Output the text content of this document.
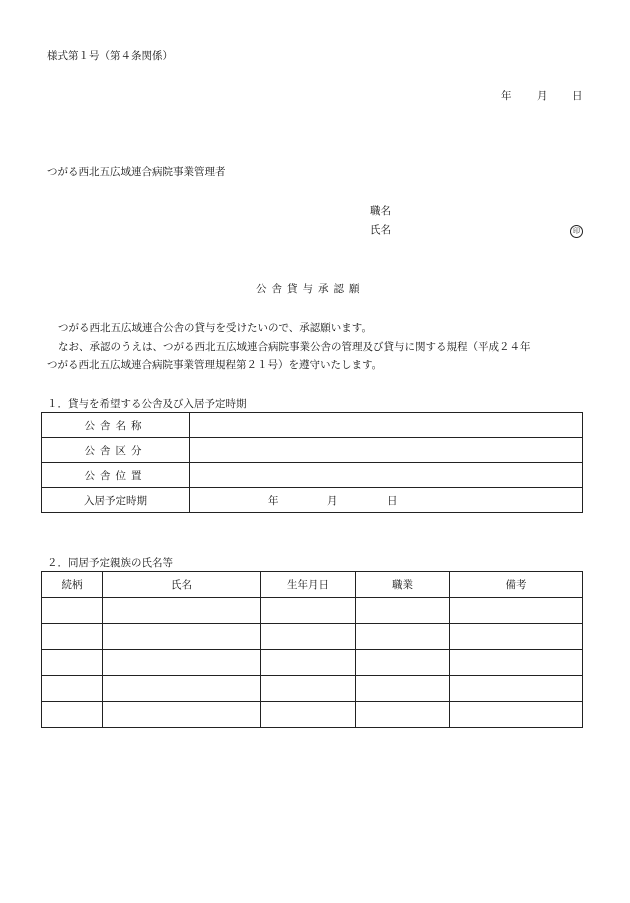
様式第１号（第４条関係）
年 月 日
つがる西北五広域連合病院事業管理者
職名
氏名	印
公舎貸与承認願
つがる西北五広域連合公舎の貸与を受けたいので、承認願います。
なお、承認のうえは、つがる西北五広域連合病院事業公舎の管理及び貸与に関する規程（平成２４年
つがる西北五広域連合病院事業管理規程第２１号）を遵守いたします。
１．貸与を希望する公舎及び入居予定時期
公舎名称	
公舎区分	
公舎位置	
入居予定時期	年 月 日
２．同居予定親族の氏名等
続柄	氏名	生年月日	職業	備考
